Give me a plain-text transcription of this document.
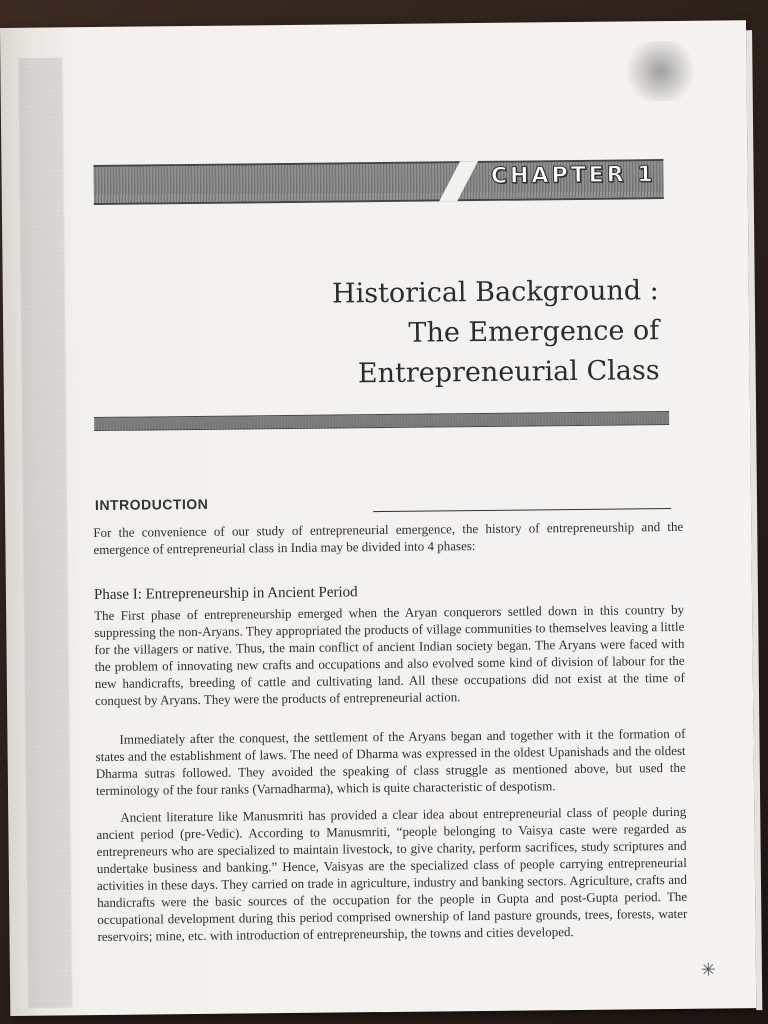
CHAPTER 1
Historical Background :
The Emergence of
Entrepreneurial Class
INTRODUCTION
For the convenience of our study of entrepreneurial emergence, the history of entrepreneurship and the emergence of entrepreneurial class in India may be divided into 4 phases:
Phase I: Entrepreneurship in Ancient Period
The First phase of entrepreneurship emerged when the Aryan conquerors settled down in this country by suppressing the non-Aryans. They appropriated the products of village communities to themselves leaving a little for the villagers or native. Thus, the main conflict of ancient Indian society began. The Aryans were faced with the problem of innovating new crafts and occupations and also evolved some kind of division of labour for the new handicrafts, breeding of cattle and cultivating land. All these occupations did not exist at the time of conquest by Aryans. They were the products of entrepreneurial action.
Immediately after the conquest, the settlement of the Aryans began and together with it the formation of states and the establishment of laws. The need of Dharma was expressed in the oldest Upanishads and the oldest Dharma sutras followed. They avoided the speaking of class struggle as mentioned above, but used the terminology of the four ranks (Varnadharma), which is quite characteristic of despotism.
Ancient literature like Manusmriti has provided a clear idea about entrepreneurial class of people during ancient period (pre-Vedic). According to Manusmriti, “people belonging to Vaisya caste were regarded as entrepreneurs who are specialized to maintain livestock, to give charity, perform sacrifices, study scriptures and undertake business and banking.” Hence, Vaisyas are the specialized class of people carrying entrepreneurial activities in these days. They carried on trade in agriculture, industry and banking sectors. Agriculture, crafts and handicrafts were the basic sources of the occupation for the people in Gupta and post-Gupta period. The occupational development during this period comprised ownership of land pasture grounds, trees, forests, water reservoirs; mine, etc. with introduction of entrepreneurship, the towns and cities developed.
✳
